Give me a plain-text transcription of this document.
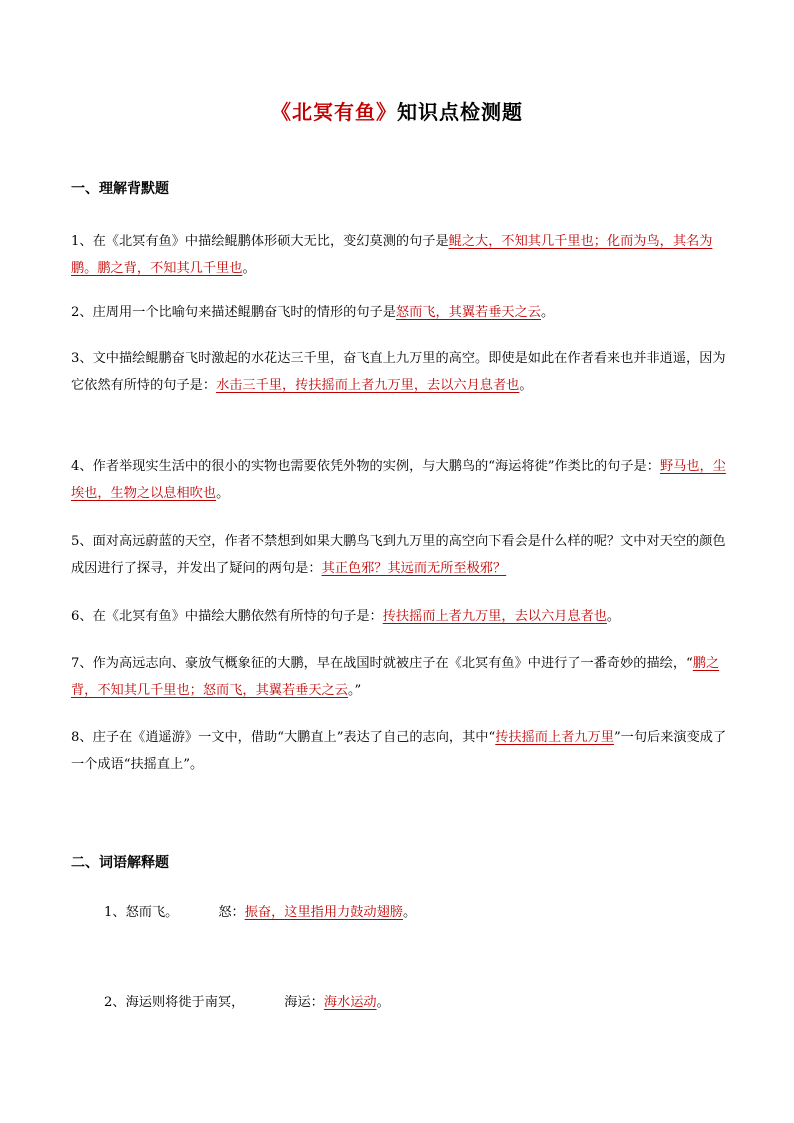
《北冥有鱼》知识点检测题
一、理解背默题
1、在《北冥有鱼》中描绘鲲鹏体形硕大无比，变幻莫测的句子是鲲之大，不知其几千里也；化而为鸟，其名为鹏。鹏之背，不知其几千里也。
2、庄周用一个比喻句来描述鲲鹏奋飞时的情形的句子是怒而飞，其翼若垂天之云。
3、文中描绘鲲鹏奋飞时激起的水花达三千里，奋飞直上九万里的高空。即使是如此在作者看来也并非逍遥，因为它依然有所恃的句子是：水击三千里，抟扶摇而上者九万里，去以六月息者也。
4、作者举现实生活中的很小的实物也需要依凭外物的实例，与大鹏鸟的“海运将徙”作类比的句子是：野马也，尘埃也，生物之以息相吹也。
5、面对高远蔚蓝的天空，作者不禁想到如果大鹏鸟飞到九万里的高空向下看会是什么样的呢？文中对天空的颜色成因进行了探寻，并发出了疑问的两句是：其正色邪？其远而无所至极邪？
6、在《北冥有鱼》中描绘大鹏依然有所恃的句子是：抟扶摇而上者九万里，去以六月息者也。
7、作为高远志向、豪放气概象征的大鹏，早在战国时就被庄子在《北冥有鱼》中进行了一番奇妙的描绘，“鹏之背，不知其几千里也；怒而飞，其翼若垂天之云。”
8、庄子在《逍遥游》一文中，借助“大鹏直上”表达了自己的志向，其中“抟扶摇而上者九万里”一句后来演变成了一个成语“扶摇直上”。
二、词语解释题
1、怒而飞。	怒：振奋，这里指用力鼓动翅膀。
2、海运则将徙于南冥，	海运：海水运动。
